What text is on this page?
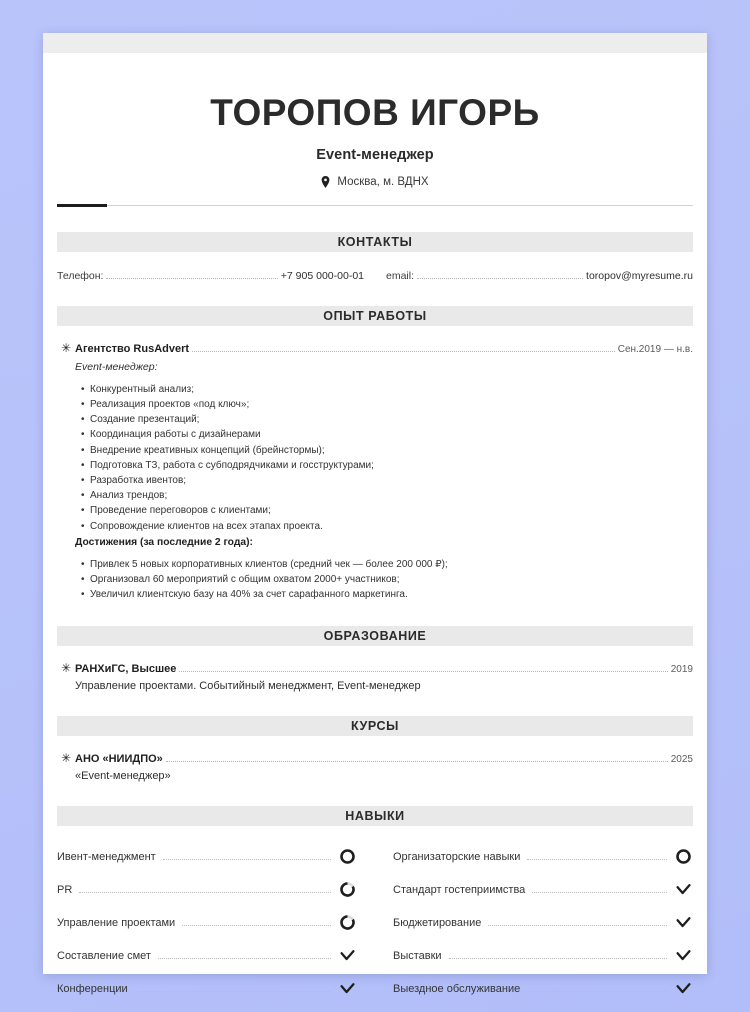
ТОРОПОВ ИГОРЬ
Event-менеджер
Москва, м. ВДНХ
КОНТАКТЫ
Телефон:	+7 905 000-00-01 email:	toropov@myresume.ru
ОПЫТ РАБОТЫ
✳ Агентство RusAdvert	Сен.2019 — н.в.
Event-менеджер:
• Конкурентный анализ;
• Реализация проектов «под ключ»;
• Создание презентаций;
• Координация работы с дизайнерами
• Внедрение креативных концепций (брейнстормы);
• Подготовка ТЗ, работа с субподрядчиками и госструктурами;
• Разработка ивентов;
• Анализ трендов;
• Проведение переговоров с клиентами;
• Сопровождение клиентов на всех этапах проекта.
Достижения (за последние 2 года):
• Привлек 5 новых корпоративных клиентов (средний чек — более 200 000 ₽);
• Организовал 60 мероприятий с общим охватом 2000+ участников;
• Увеличил клиентскую базу на 40% за счет сарафанного маркетинга.
ОБРАЗОВАНИЕ
✳ РАНХиГС, Высшее	2019
Управление проектами. Событийный менеджмент, Event-менеджер
КУРСЫ
✳ АНО «НИИДПО»	2025
«Event-менеджер»
НАВЫКИ
Ивент-менеджмент
PR
Управление проектами
Составление смет
Конференции
Организаторские навыки
Стандарт гостеприимства
Бюджетирование
Выставки
Выездное обслуживание
